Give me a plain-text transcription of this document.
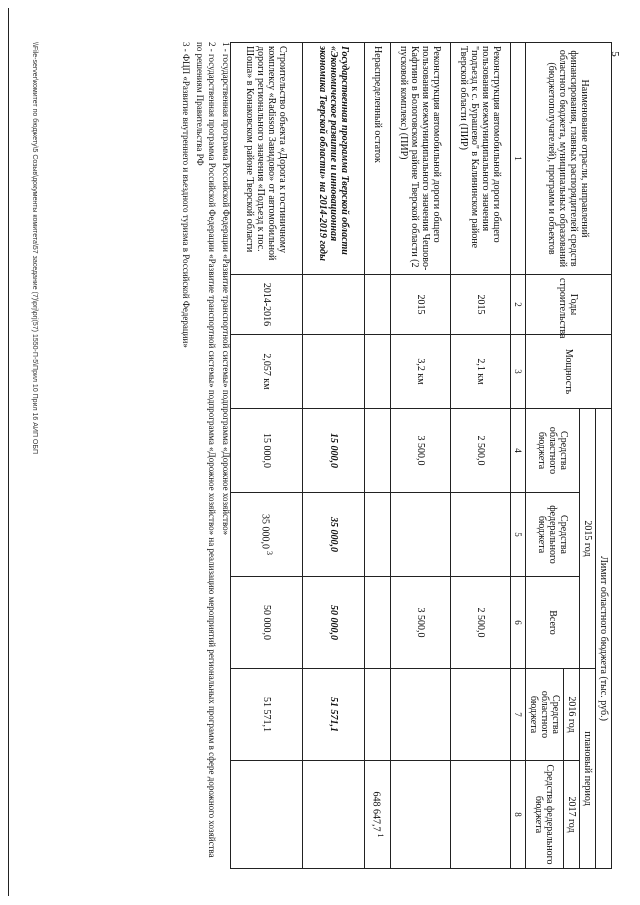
5
Наименование отрасли, направлений финансирования, главных распорядителей средств областного бюджета, муниципальных образований (бюджетополучателей), программ и объектов	Годы строительства	Мощность	Лимит областного бюджета (тыс. руб.)				
			2015 год			плановый период	
			Средства областного бюджета	Средства федерального бюджета	Всего	2016 год	2017 год
						Средства областного бюджета	Средства федерального бюджета
1	2	3	4	5	6	7	8
Реконструкция автомобильной дороги общего пользования межмуниципального значения "подъезд к с. Бурашево" в Калининском районе Тверской области (ПИР)	2015	2,1 км	2 500,0		2 500,0		
Реконструкция автомобильной дороги общего пользования межмуниципального значения Чешово-Кафтино в Бологовском районе Тверской области (2 пусковой комплекс) (ПИР)	2015	3,2 км	3 500,0		3 500,0		
Нераспределенный остаток							648 647,7$^1$
Государственная программа Тверской области «Экономическое развитие и инновационная экономика Тверской области» на 2014-2019 годы			15 000,0	35 000,0	50 000,0	51 571,1	
Строительство объекта «Дорога к гостиничному комплексу «Radisson Завидово» от автомобильной дороги регионального значения «Подъезд к пос. Шоша» в Конаковском районе Тверской области	2014-2016	2,057 км	15 000,0	35 000,0$^3$	50 000,0	51 571,1	

1 - государственная программа Российской Федерации «Развитие транспортной системы» подпрограмма «Дорожное хозяйство»

2 - государственная программа Российской Федерации «Развитие транспортной системы» подпрограмма «Дорожное хозяйство» на реализацию мероприятий региональных программ в сфере дорожного хозяйства по решениям Правительства РФ

3 - ФЦП «Развитие внутреннего и въездного туризма в Российской Федерации»

\\File-server\комитет по бюджету\5 Созыв\документы комитета\57 заседание (7)\prj\prj(57) 1550-П-5\Прил 10 Прил 16 АИП ОБП
